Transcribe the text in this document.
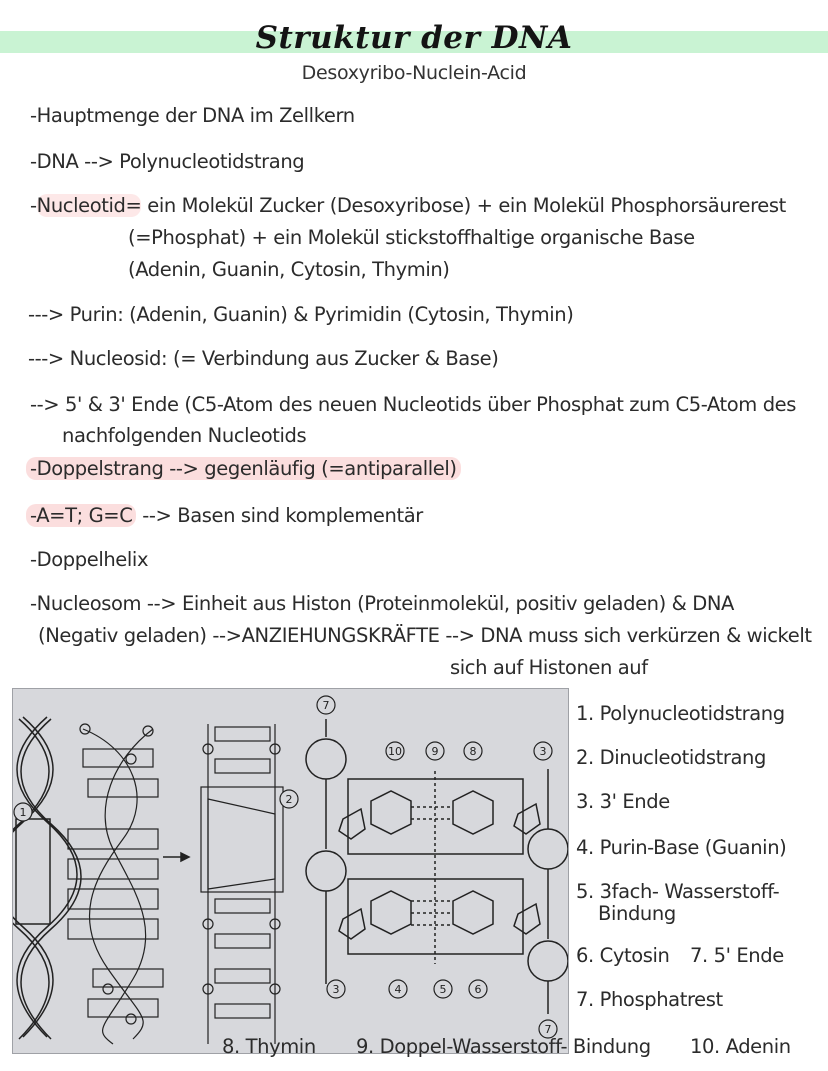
Struktur der DNA
Desoxyribo-Nuclein-Acid
-Hauptmenge der DNA im Zellkern
-DNA --> Polynucleotidstrang
-Nucleotid= ein Molekül Zucker (Desoxyribose) + ein Molekül Phosphorsäurerest
(=Phosphat) + ein Molekül stickstoffhaltige organische Base
(Adenin, Guanin, Cytosin, Thymin)
---> Purin: (Adenin, Guanin) & Pyrimidin (Cytosin, Thymin)
---> Nucleosid: (= Verbindung aus Zucker & Base)
--> 5' & 3' Ende (C5-Atom des neuen Nucleotids über Phosphat zum C5-Atom des
nachfolgenden Nucleotids
-Doppelstrang --> gegenläufig (=antiparallel)
-A=T; G=C --> Basen sind komplementär
-Doppelhelix
-Nucleosom --> Einheit aus Histon (Proteinmolekül, positiv geladen) & DNA
(Negativ geladen) -->ANZIEHUNGSKRÄFTE --> DNA muss sich verkürzen & wickelt
sich auf Histonen auf
1
2
7
10	9	8	3
3	4	5	6
7
1. Polynucleotidstrang
2. Dinucleotidstrang
3. 3' Ende
4. Purin-Base (Guanin)
5. 3fach- Wasserstoff-
Bindung
6. Cytosin 7. 5' Ende
7. Phosphatrest
8. Thymin 9. Doppel-Wasserstoff- Bindung 10. Adenin
